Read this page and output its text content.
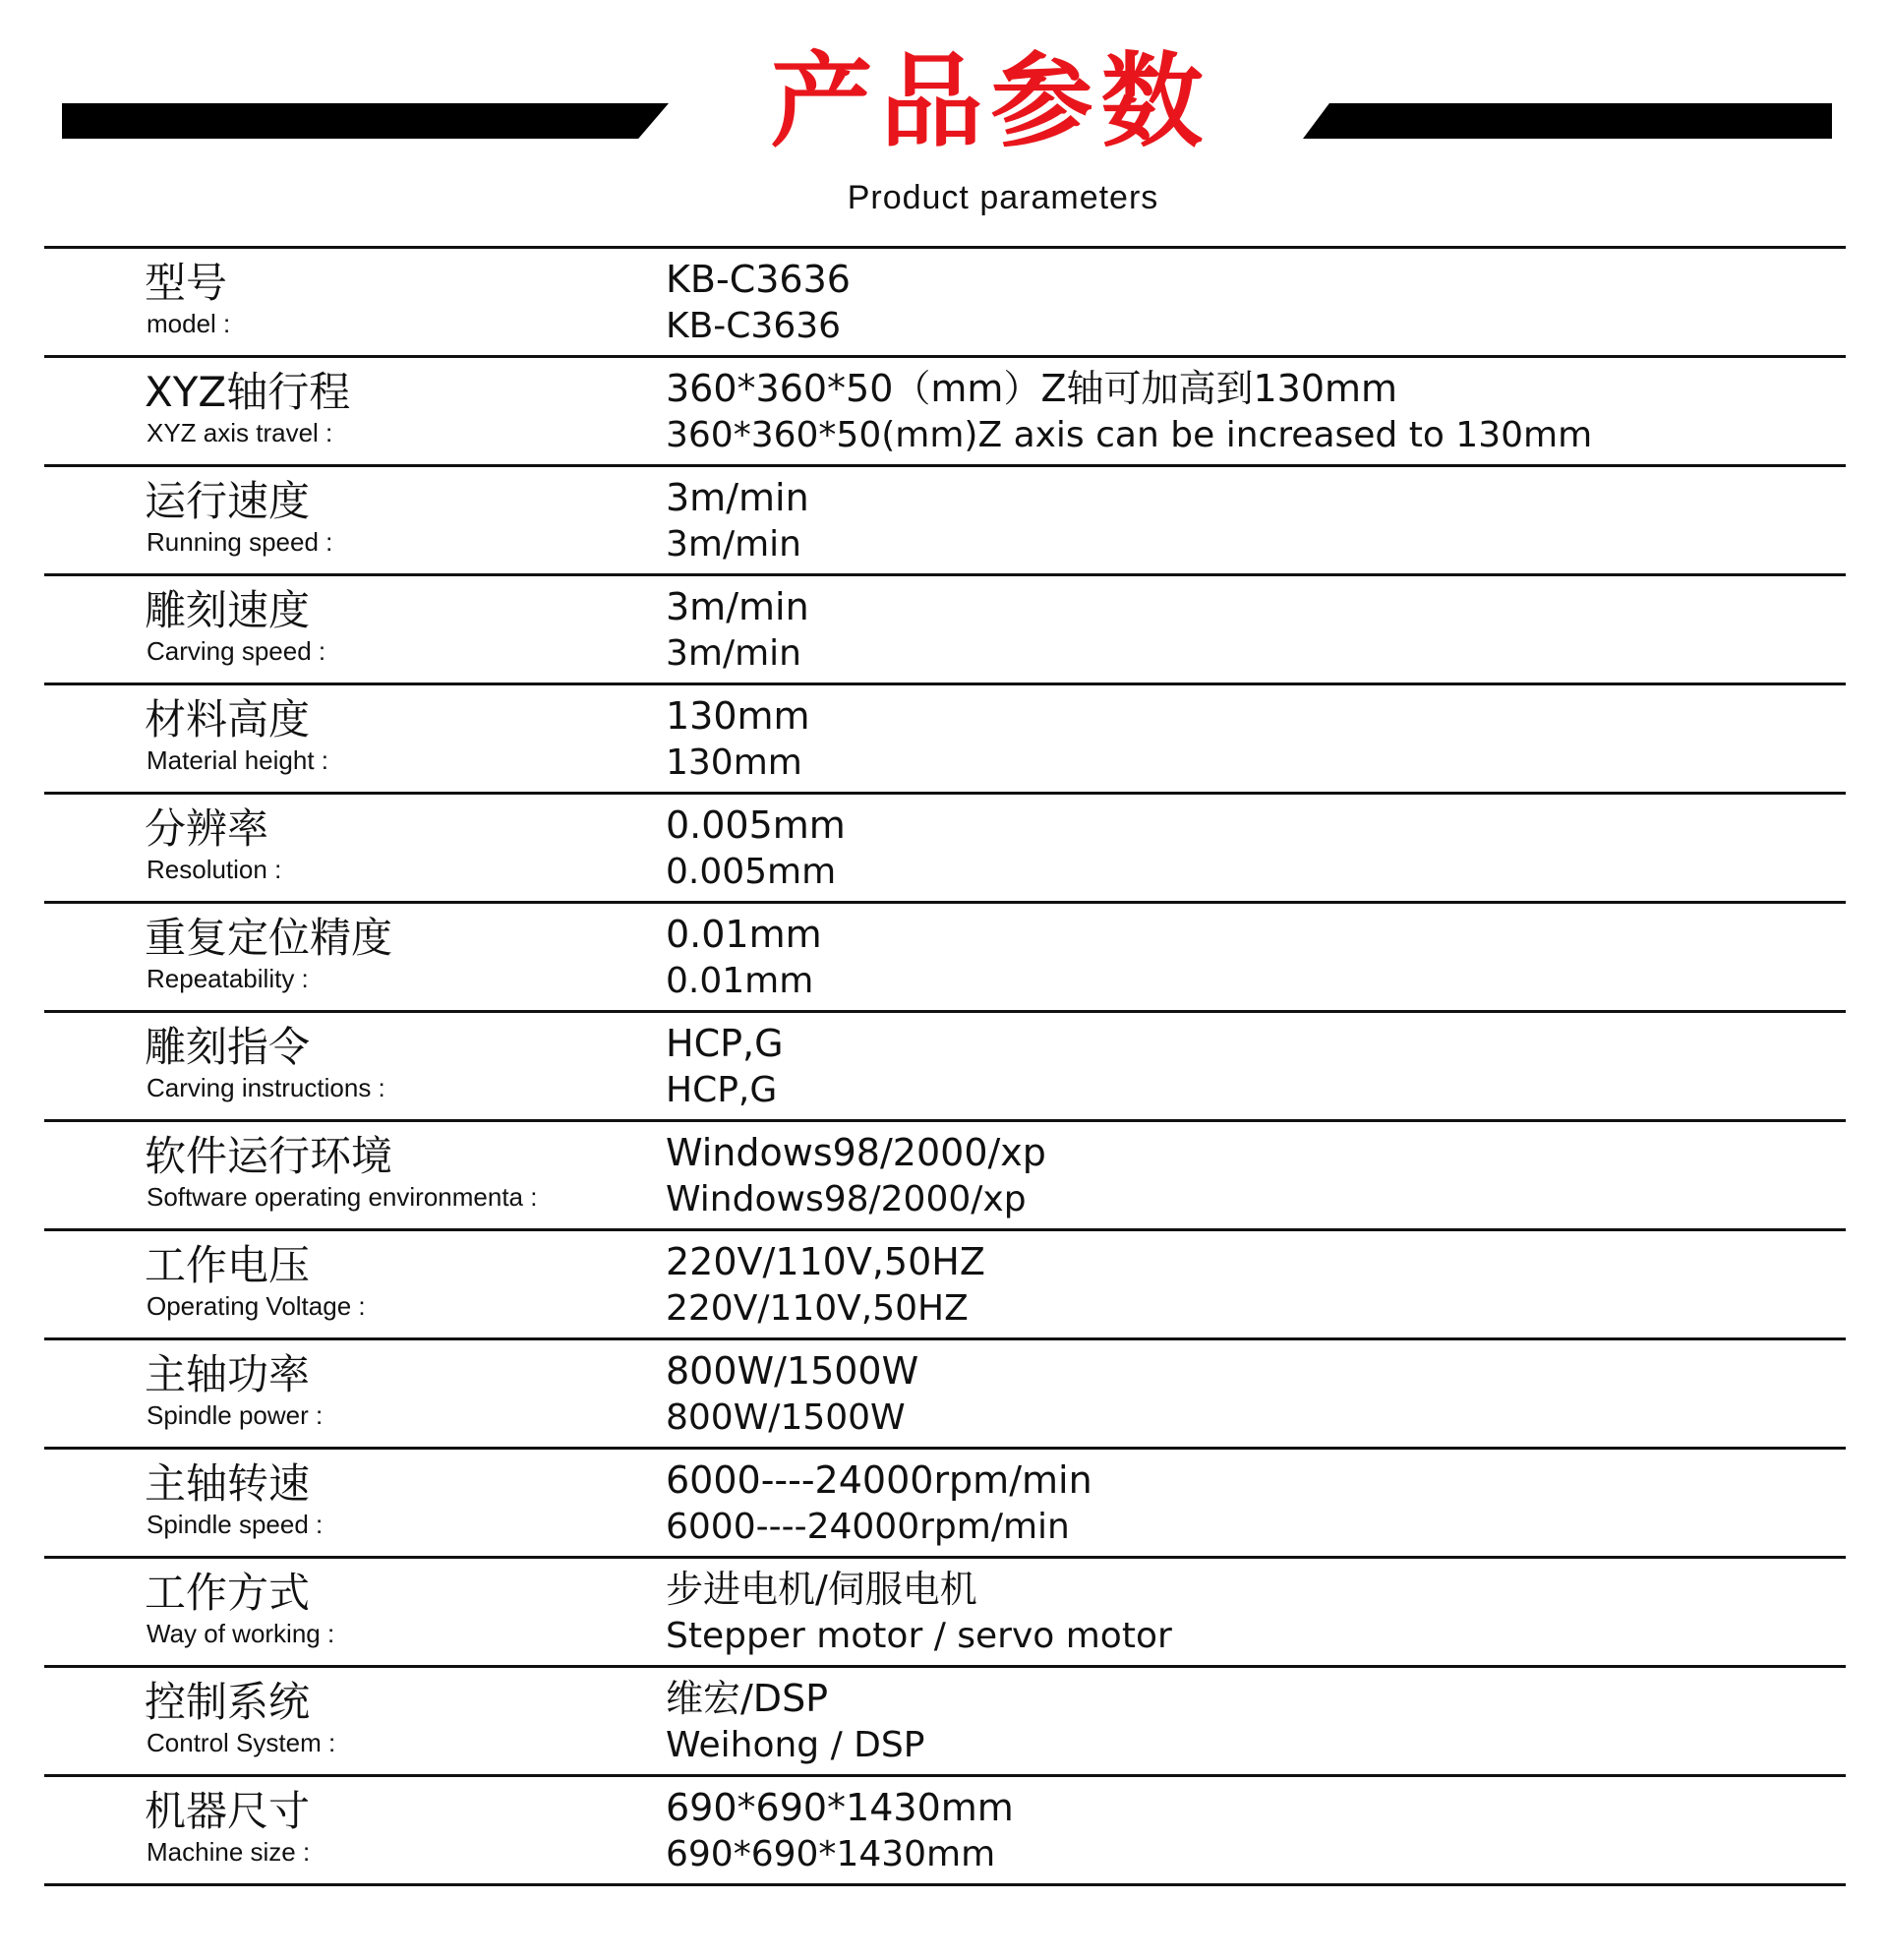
产品参数
Product parameters
型号
model :
KB-C3636
KB-C3636
XYZ轴行程
XYZ axis travel :
360*360*50（mm）Z轴可加高到130mm
360*360*50(mm)Z axis can be increased to 130mm
运行速度
Running speed :
3m/min
3m/min
雕刻速度
Carving speed :
3m/min
3m/min
材料高度
Material height :
130mm
130mm
分辨率
Resolution :
0.005mm
0.005mm
重复定位精度
Repeatability :
0.01mm
0.01mm
雕刻指令
Carving instructions :
HCP,G
HCP,G
软件运行环境
Software operating environmenta :
Windows98/2000/xp
Windows98/2000/xp
工作电压
Operating Voltage :
220V/110V,50HZ
220V/110V,50HZ
主轴功率
Spindle power :
800W/1500W
800W/1500W
主轴转速
Spindle speed :
6000----24000rpm/min
6000----24000rpm/min
工作方式
Way of working :
步进电机/伺服电机
Stepper motor / servo motor
控制系统
Control System :
维宏/DSP
Weihong / DSP
机器尺寸
Machine size :
690*690*1430mm
690*690*1430mm
